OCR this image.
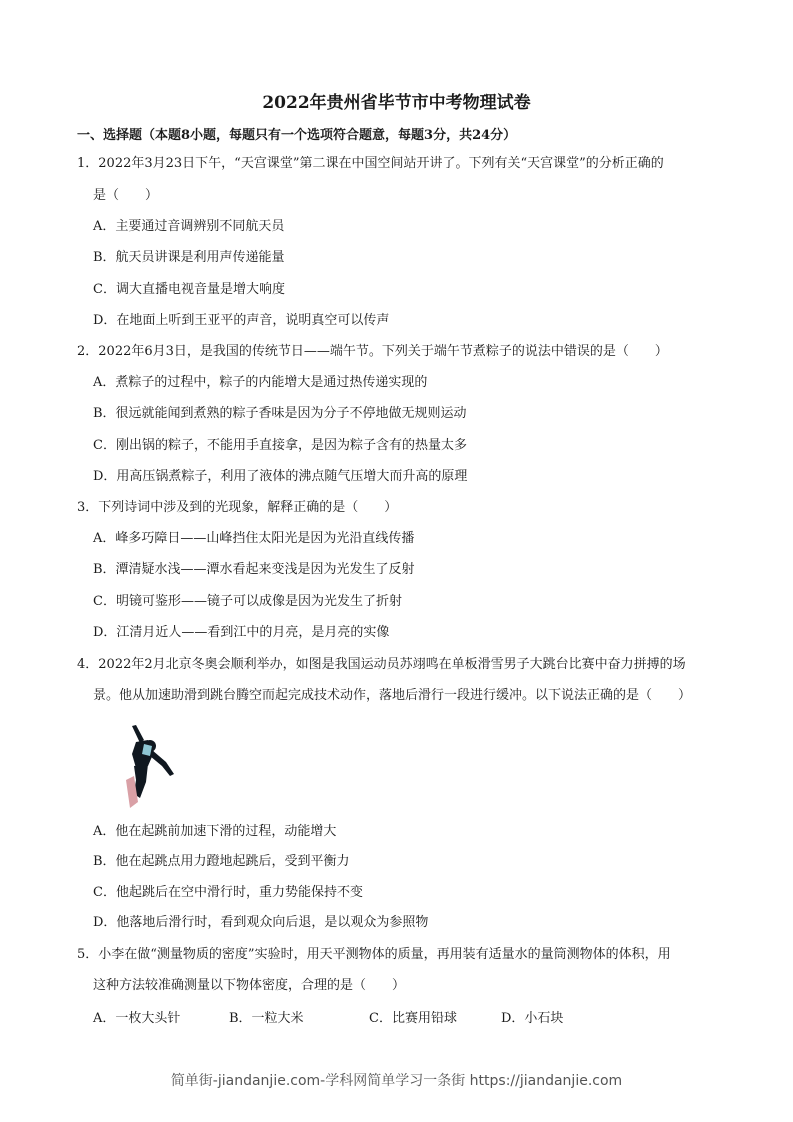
2022年贵州省毕节市中考物理试卷
一、选择题（本题8小题，每题只有一个选项符合题意，每题3分，共24分）
1．2022年3月23日下午，“天宫课堂”第二课在中国空间站开讲了。下列有关“天宫课堂”的分析正确的
是（　　）
A．主要通过音调辨别不同航天员
B．航天员讲课是利用声传递能量
C．调大直播电视音量是增大响度
D．在地面上听到王亚平的声音，说明真空可以传声
2．2022年6月3日，是我国的传统节日——端午节。下列关于端午节煮粽子的说法中错误的是（　　）
A．煮粽子的过程中，粽子的内能增大是通过热传递实现的
B．很远就能闻到煮熟的粽子香味是因为分子不停地做无规则运动
C．刚出锅的粽子，不能用手直接拿，是因为粽子含有的热量太多
D．用高压锅煮粽子，利用了液体的沸点随气压增大而升高的原理
3．下列诗词中涉及到的光现象，解释正确的是（　　）
A．峰多巧障日——山峰挡住太阳光是因为光沿直线传播
B．潭清疑水浅——潭水看起来变浅是因为光发生了反射
C．明镜可鉴形——镜子可以成像是因为光发生了折射
D．江清月近人——看到江中的月亮，是月亮的实像
4．2022年2月北京冬奥会顺利举办，如图是我国运动员苏翊鸣在单板滑雪男子大跳台比赛中奋力拼搏的场
景。他从加速助滑到跳台腾空而起完成技术动作，落地后滑行一段进行缓冲。以下说法正确的是（　　）
A．他在起跳前加速下滑的过程，动能增大
B．他在起跳点用力蹬地起跳后，受到平衡力
C．他起跳后在空中滑行时，重力势能保持不变
D．他落地后滑行时，看到观众向后退，是以观众为参照物
5．小李在做“测量物质的密度”实验时，用天平测物体的质量，再用装有适量水的量筒测物体的体积，用
这种方法较准确测量以下物体密度，合理的是（　　）
A．一枚大头针	B．一粒大米	C．比赛用铅球	D．小石块
简单街-jiandanjie.com-学科网简单学习一条街 https://jiandanjie.com
